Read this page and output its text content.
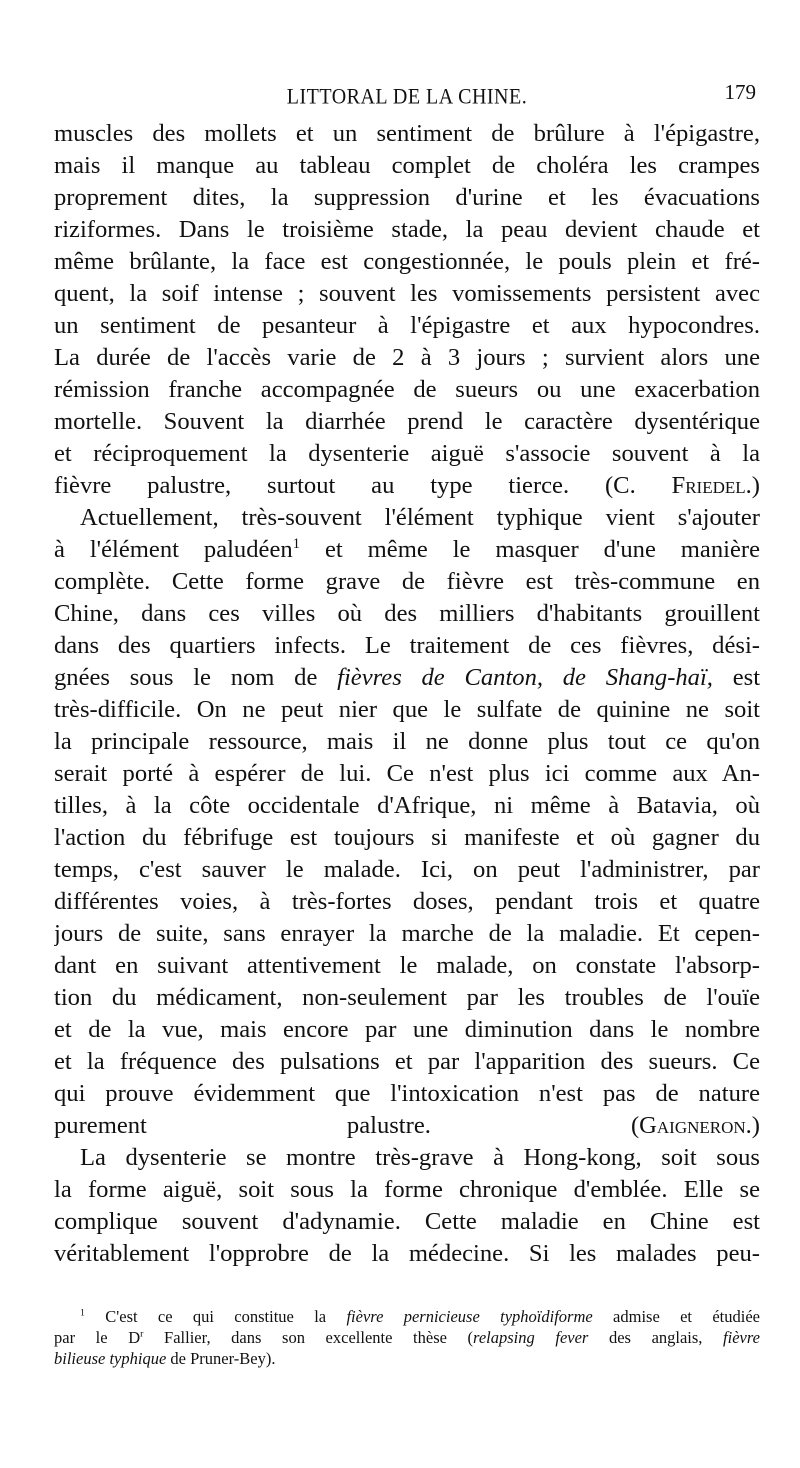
LITTORAL DE LA CHINE.	179
muscles des mollets et un sentiment de brûlure à l'épigastre,
mais il manque au tableau complet de choléra les crampes
proprement dites, la suppression d'urine et les évacuations
riziformes. Dans le troisième stade, la peau devient chaude et
même brûlante, la face est congestionnée, le pouls plein et fré-
quent, la soif intense ; souvent les vomissements persistent avec
un sentiment de pesanteur à l'épigastre et aux hypocondres.
La durée de l'accès varie de 2 à 3 jours ; survient alors une
rémission franche accompagnée de sueurs ou une exacerbation
mortelle. Souvent la diarrhée prend le caractère dysentérique
et réciproquement la dysenterie aiguë s'associe souvent à la
fièvre palustre, surtout au type tierce. (C. Friedel.)
Actuellement, très-souvent l'élément typhique vient s'ajouter
à l'élément paludéen$^1$ et même le masquer d'une manière
complète. Cette forme grave de fièvre est très-commune en
Chine, dans ces villes où des milliers d'habitants grouillent
dans des quartiers infects. Le traitement de ces fièvres, dési-
gnées sous le nom de fièvres de Canton, de Shang-haï, est
très-difficile. On ne peut nier que le sulfate de quinine ne soit
la principale ressource, mais il ne donne plus tout ce qu'on
serait porté à espérer de lui. Ce n'est plus ici comme aux An-
tilles, à la côte occidentale d'Afrique, ni même à Batavia, où
l'action du fébrifuge est toujours si manifeste et où gagner du
temps, c'est sauver le malade. Ici, on peut l'administrer, par
différentes voies, à très-fortes doses, pendant trois et quatre
jours de suite, sans enrayer la marche de la maladie. Et cepen-
dant en suivant attentivement le malade, on constate l'absorp-
tion du médicament, non-seulement par les troubles de l'ouïe
et de la vue, mais encore par une diminution dans le nombre
et la fréquence des pulsations et par l'apparition des sueurs. Ce
qui prouve évidemment que l'intoxication n'est pas de nature
purement palustre.	(Gaigneron.)
La dysenterie se montre très-grave à Hong-kong, soit sous
la forme aiguë, soit sous la forme chronique d'emblée. Elle se
complique souvent d'adynamie. Cette maladie en Chine est
véritablement l'opprobre de la médecine. Si les malades peu-
$^1$ C'est ce qui constitue la fièvre pernicieuse typhoïdiforme admise et étudiée
par le $D^r$ Fallier, dans son excellente thèse (relapsing fever des anglais, fièvre
bilieuse typhique de Pruner-Bey).
